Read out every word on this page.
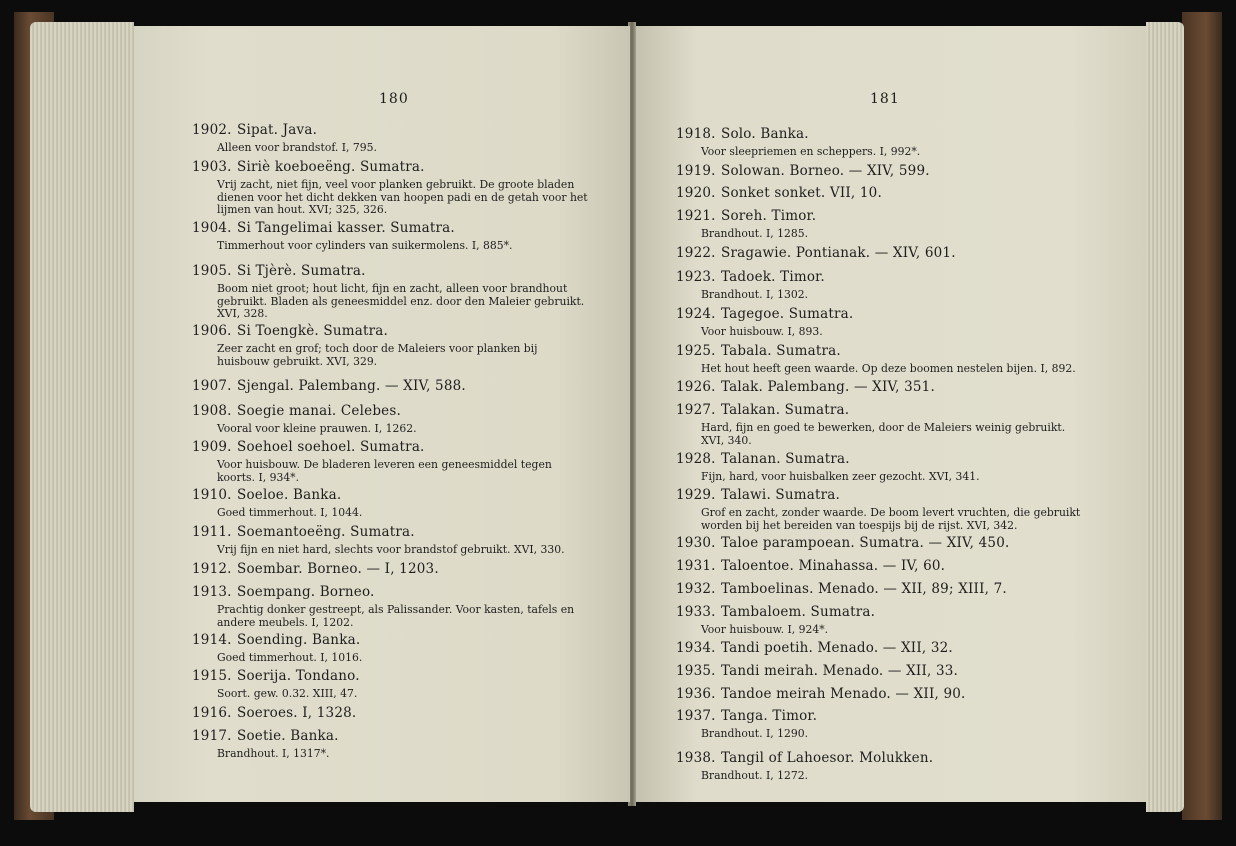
180
1902. Sipat. Java.
Alleen voor brandstof. I, 795.
1903. Siriè koeboeëng. Sumatra.
Vrij zacht, niet fijn, veel voor planken gebruikt. De groote bladen dienen voor het dicht dekken van hoopen padi en de getah voor het lijmen van hout. XVI; 325, 326.
1904. Si Tangelimai kasser. Sumatra.
Timmerhout voor cylinders van suikermolens. I, 885*.
1905. Si Tjèrè. Sumatra.
Boom niet groot; hout licht, fijn en zacht, alleen voor brandhout gebruikt. Bladen als geneesmiddel enz. door den Maleier gebruikt. XVI, 328.
1906. Si Toengkè. Sumatra.
Zeer zacht en grof; toch door de Maleiers voor planken bij huisbouw gebruikt. XVI, 329.
1907. Sjengal. Palembang. — XIV, 588.
1908. Soegie manai. Celebes.
Vooral voor kleine prauwen. I, 1262.
1909. Soehoel soehoel. Sumatra.
Voor huisbouw. De bladeren leveren een geneesmiddel tegen koorts. I, 934*.
1910. Soeloe. Banka.
Goed timmerhout. I, 1044.
1911. Soemantoeëng. Sumatra.
Vrij fijn en niet hard, slechts voor brandstof gebruikt. XVI, 330.
1912. Soembar. Borneo. — I, 1203.
1913. Soempang. Borneo.
Prachtig donker gestreept, als Palissander. Voor kasten, tafels en andere meubels. I, 1202.
1914. Soending. Banka.
Goed timmerhout. I, 1016.
1915. Soerija. Tondano.
Soort. gew. 0.32. XIII, 47.
1916. Soeroes. I, 1328.
1917. Soetie. Banka.
Brandhout. I, 1317*.
181
1918. Solo. Banka.
Voor sleepriemen en scheppers. I, 992*.
1919. Solowan. Borneo. — XIV, 599.
1920. Sonket sonket. VII, 10.
1921. Soreh. Timor.
Brandhout. I, 1285.
1922. Sragawie. Pontianak. — XIV, 601.
1923. Tadoek. Timor.
Brandhout. I, 1302.
1924. Tagegoe. Sumatra.
Voor huisbouw. I, 893.
1925. Tabala. Sumatra.
Het hout heeft geen waarde. Op deze boomen nestelen bijen. I, 892.
1926. Talak. Palembang. — XIV, 351.
1927. Talakan. Sumatra.
Hard, fijn en goed te bewerken, door de Maleiers weinig gebruikt. XVI, 340.
1928. Talanan. Sumatra.
Fijn, hard, voor huisbalken zeer gezocht. XVI, 341.
1929. Talawi. Sumatra.
Grof en zacht, zonder waarde. De boom levert vruchten, die gebruikt worden bij het bereiden van toespijs bij de rijst. XVI, 342.
1930. Taloe parampoean. Sumatra. — XIV, 450.
1931. Taloentoe. Minahassa. — IV, 60.
1932. Tamboelinas. Menado. — XII, 89; XIII, 7.
1933. Tambaloem. Sumatra.
Voor huisbouw. I, 924*.
1934. Tandi poetih. Menado. — XII, 32.
1935. Tandi meirah. Menado. — XII, 33.
1936. Tandoe meirah Menado. — XII, 90.
1937. Tanga. Timor.
Brandhout. I, 1290.
1938. Tangil of Lahoesor. Molukken.
Brandhout. I, 1272.
